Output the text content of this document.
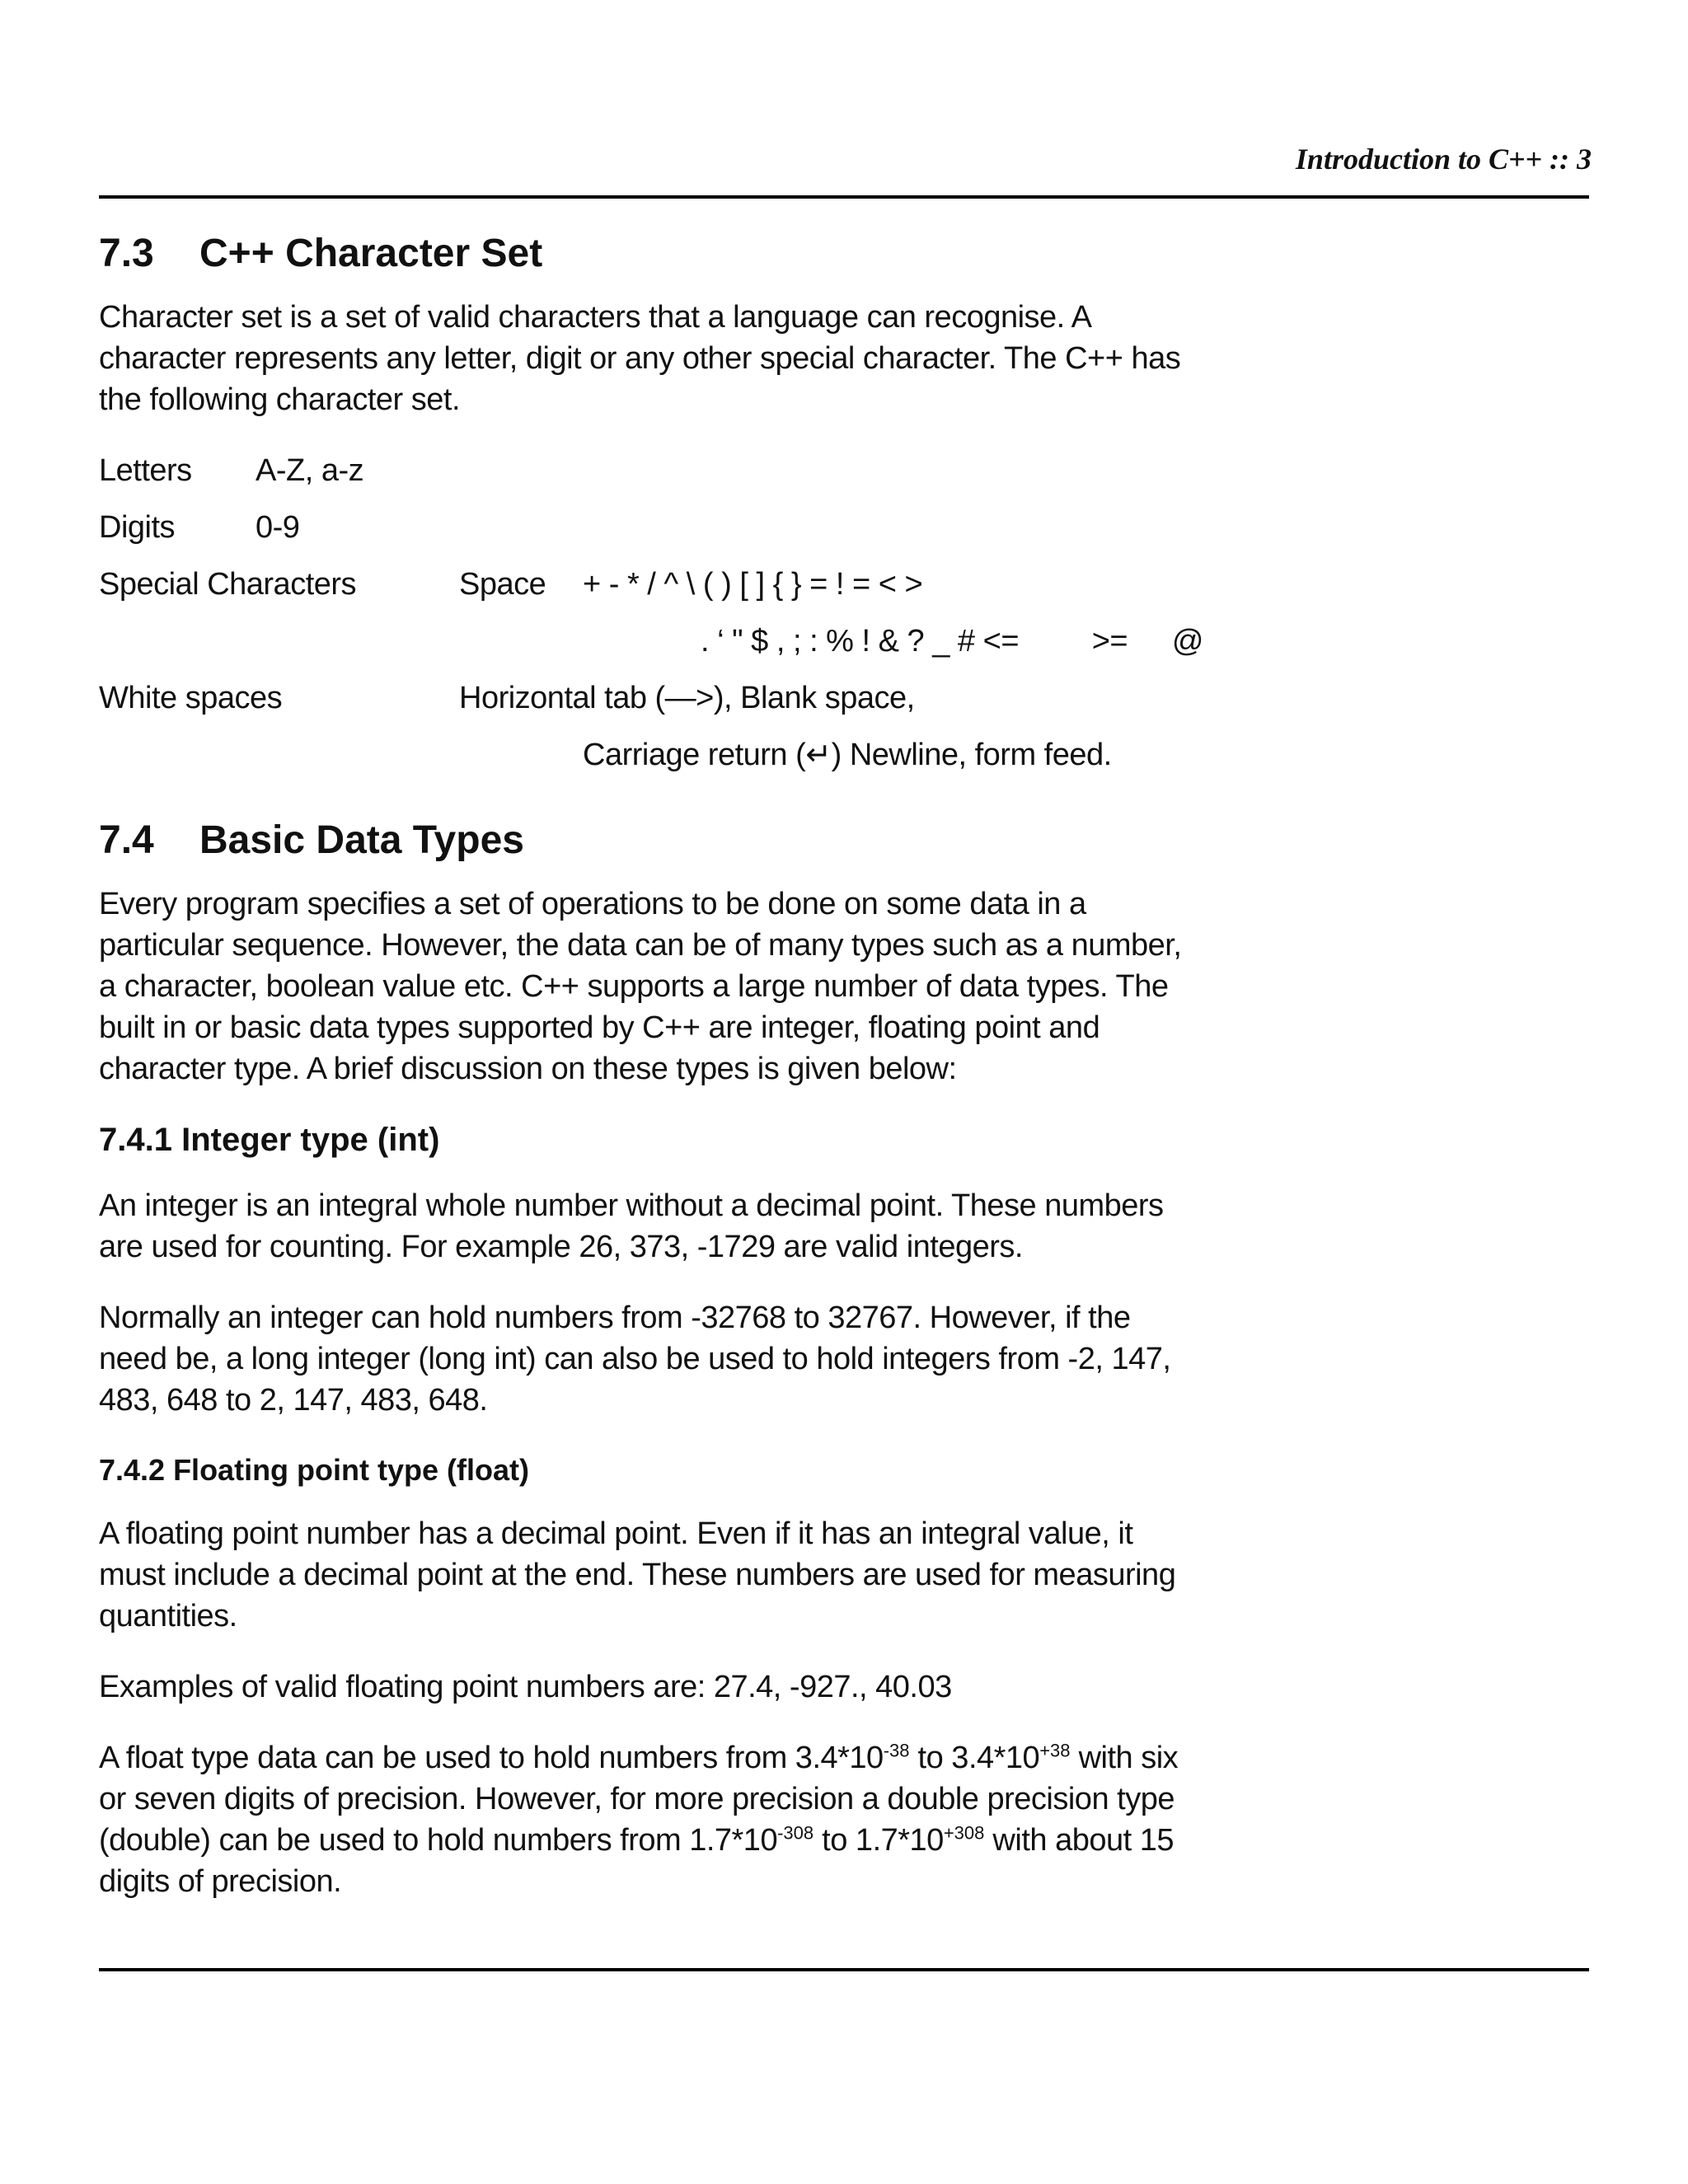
Introduction to C++ :: 3
7.3 C++ Character Set

Character set is a set of valid characters that a language can recognise. A character represents any letter, digit or any other special character. The C++ has the following character set.

Letters	A-Z, a-z
Digits	0-9
Special Characters	Space	+ - * / ^ \ ( ) [ ] { } = ! = < >
. ‘ " $ , ; : % ! & ? _ # <=	>=	@
White spaces	Horizontal tab (—>), Blank space,
Carriage return (↵) Newline, form feed.
7.4 Basic Data Types

Every program specifies a set of operations to be done on some data in a particular sequence. However, the data can be of many types such as a number, a character, boolean value etc. C++ supports a large number of data types. The built in or basic data types supported by C++ are integer, floating point and character type. A brief discussion on these types is given below:

7.4.1 Integer type (int)

An integer is an integral whole number without a decimal point. These numbers are used for counting. For example 26, 373, -1729 are valid integers.

Normally an integer can hold numbers from -32768 to 32767. However, if the need be, a long integer (long int) can also be used to hold integers from -2, 147, 483, 648 to 2, 147, 483, 648.

7.4.2 Floating point type (float)

A floating point number has a decimal point. Even if it has an integral value, it must include a decimal point at the end. These numbers are used for measuring quantities.

Examples of valid floating point numbers are: 27.4, -927., 40.03

A float type data can be used to hold numbers from $3.4*10^{-38}$ to $3.4*10^{+38}$ with six or seven digits of precision. However, for more precision a double precision type (double) can be used to hold numbers from $1.7*10^{-308}$ to $1.7*10^{+308}$ with about 15 digits of precision.
